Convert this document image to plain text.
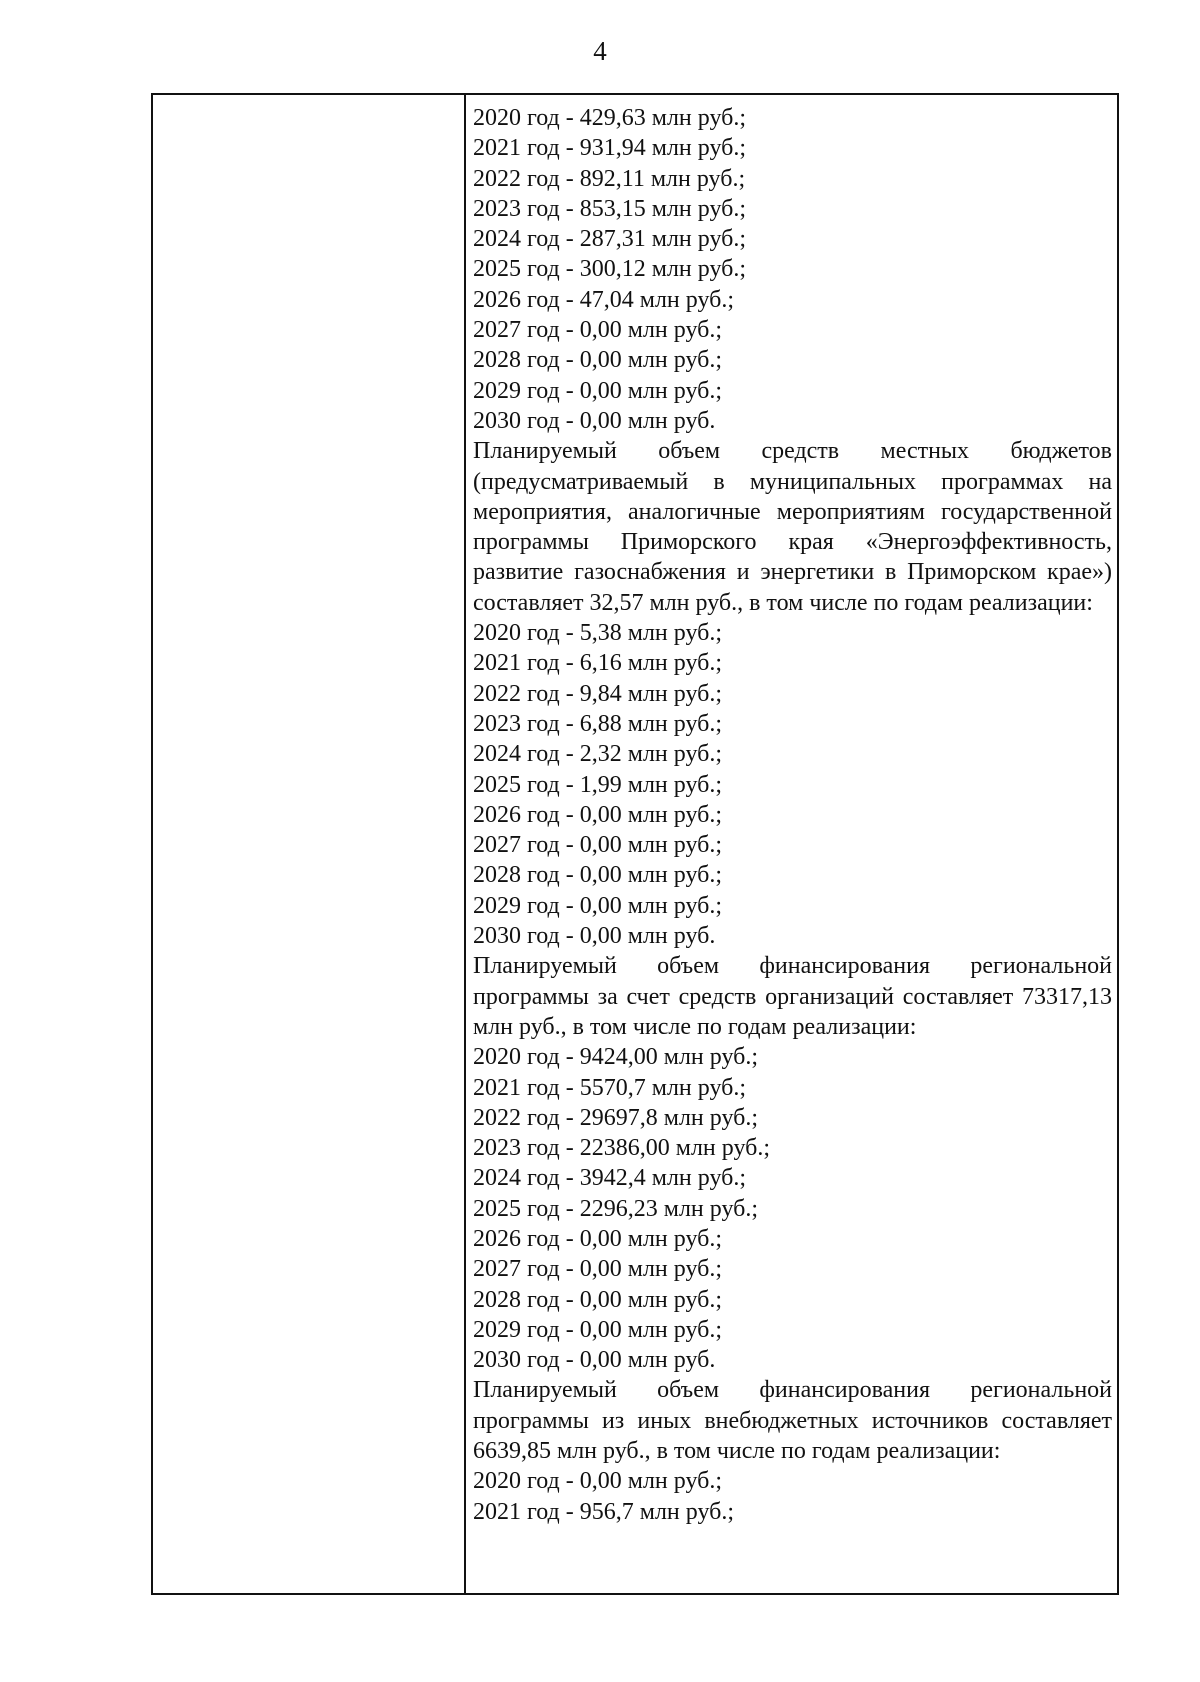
4
2020 год - 429,63 млн руб.;
2021 год - 931,94 млн руб.;
2022 год - 892,11 млн руб.;
2023 год - 853,15 млн руб.;
2024 год - 287,31 млн руб.;
2025 год - 300,12 млн руб.;
2026 год - 47,04 млн руб.;
2027 год - 0,00 млн руб.;
2028 год - 0,00 млн руб.;
2029 год - 0,00 млн руб.;
2030 год - 0,00 млн руб.
Планируемый объем средств местных бюджетов (предусматриваемый в муниципальных программах на мероприятия, аналогичные мероприятиям государственной программы Приморского края «Энергоэффективность, развитие газоснабжения и энергетики в Приморском крае») составляет 32,57 млн руб., в том числе по годам реализации:
2020 год - 5,38 млн руб.;
2021 год - 6,16 млн руб.;
2022 год - 9,84 млн руб.;
2023 год - 6,88 млн руб.;
2024 год - 2,32 млн руб.;
2025 год - 1,99 млн руб.;
2026 год - 0,00 млн руб.;
2027 год - 0,00 млн руб.;
2028 год - 0,00 млн руб.;
2029 год - 0,00 млн руб.;
2030 год - 0,00 млн руб.
Планируемый объем финансирования региональной программы за счет средств организаций составляет 73317,13 млн руб., в том числе по годам реализации:
2020 год - 9424,00 млн руб.;
2021 год - 5570,7 млн руб.;
2022 год - 29697,8 млн руб.;
2023 год - 22386,00 млн руб.;
2024 год - 3942,4 млн руб.;
2025 год - 2296,23 млн руб.;
2026 год - 0,00 млн руб.;
2027 год - 0,00 млн руб.;
2028 год - 0,00 млн руб.;
2029 год - 0,00 млн руб.;
2030 год - 0,00 млн руб.
Планируемый объем финансирования региональной программы из иных внебюджетных источников составляет 6639,85 млн руб., в том числе по годам реализации:
2020 год - 0,00 млн руб.;
2021 год - 956,7 млн руб.;
